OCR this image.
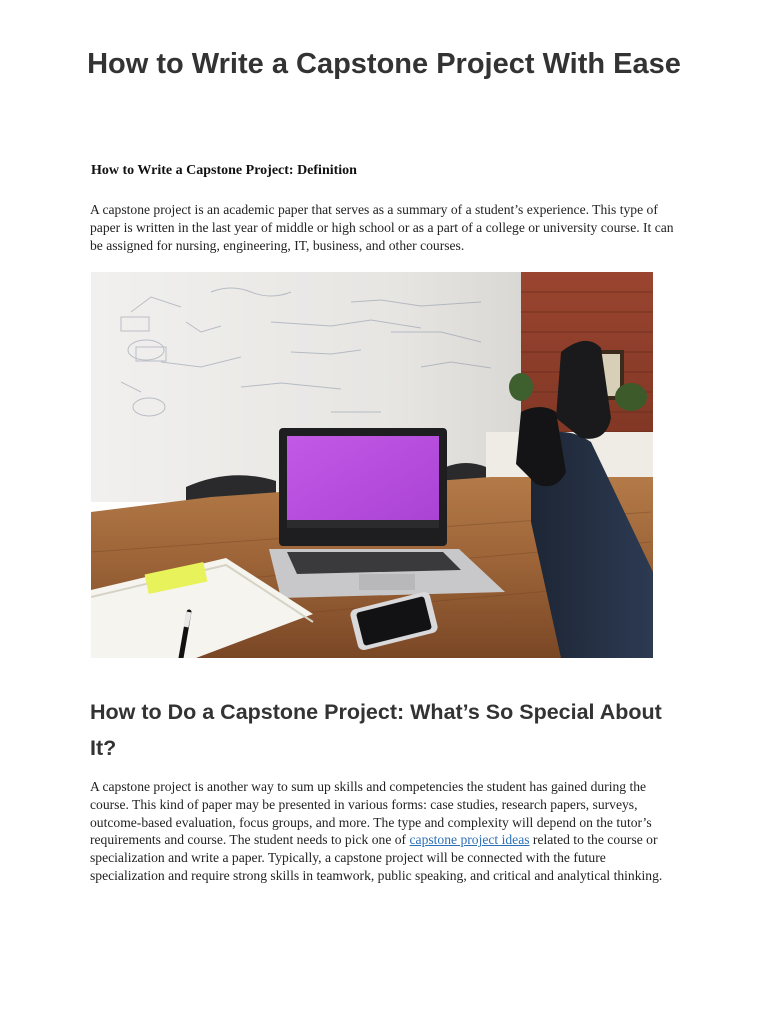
How to Write a Capstone Project With Ease
How to Write a Capstone Project: Definition

A capstone project is an academic paper that serves as a summary of a student’s experience. This type of paper is written in the last year of middle or high school or as a part of a college or university course. It can be assigned for nursing, engineering, IT, business, and other courses.

How to Do a Capstone Project: What’s So Special About It?

A capstone project is another way to sum up skills and competencies the student has gained during the course. This kind of paper may be presented in various forms: case studies, research papers, surveys, outcome-based evaluation, focus groups, and more. The type and complexity will depend on the tutor’s requirements and course. The student needs to pick one of capstone project ideas related to the course or specialization and write a paper. Typically, a capstone project will be connected with the future specialization and require strong skills in teamwork, public speaking, and critical and analytical thinking.
